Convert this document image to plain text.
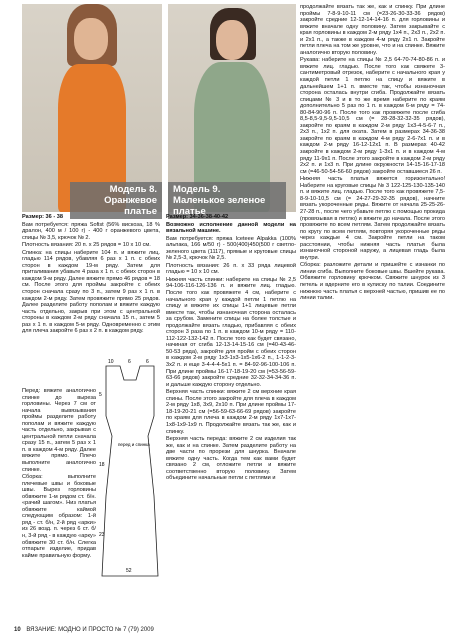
Модель 8.
Оранжевое платье
Модель 9.
Маленькое зеленое платье

Размер: 36 - 38

Вам потребуется: пряжа Sofist (56% вискоза, 18 % дралон, 400 м / 100 г) - 400 г оранжевого цвета, спицы № 3,5, крючок № 2.

Плотность вязания: 20 п. х 25 рядов = 10 х 10 см.

Спинка: на спицы наберите 104 п. и вяжите лиц. гладью 114 рядов, убавляя 6 раз х 1 п. с обеих сторон в каждом 19-м ряду. Затем для приталивания убавьте 4 раза х 1 п. с обеих сторон в каждом 9-м ряду. Далее вяжите прямо 46 рядов = 18 см. После этого для проймы закройте с обеих сторон сначала сразу по 3 п., затем 9 раз х 1 п. в каждом 2-м ряду. Затем провяжите прямо 25 рядов. Далее разделите работу пополам и вяжите каждую часть отдельно, закрыв при этом с центральной стороны в каждом 2-м ряду сначала 15 п., затем 5 раз х 1 п. в каждом 5-м ряду. Одновременно с этим для плеча закройте 6 раз х 2 п. в каждом ряду.

Перед: вяжите аналогично спинке до выреза горловины. Через 7 см от начала вывязывания проймы разделите работу пополам и вяжите каждую часть отдельно, закрывая с центральной петли сначала сразу 15 п., затем 5 раз х 1 п. в каждом 4-м ряду. Далее вяжите прямо. Плечо выполните аналогично спинке.

Сборка: выполните плечевые швы и боковые швы. Вырез горловины обвяжите 1-м рядом ст. б/н. «рачий шагом». Низ платья обвяжите каймой следующим образом: 1-й ряд - ст. б/н, 2-й ряд «арки» из 26 возд. п. через 6 ст. б/н, 3-й ряд - в каждую «арку» обвяжите 30 ст. б/н. Слегка отпарьте изделие, придав кайме правильную форму.

10	6	6
5
18
23
перед и спинка
52

Размер: 34-36-38-40-42

Возможно исполнение данной модели на вязальной машине.

Вам потребуется: пряжа Iceteee Alpakka (100% альпака, 166 м/50 г) - 500(400)450(500 г светло-зеленого цвета (1117), прямые и круговые спицы № 2,5-3, крючок № 2,5.

Плотность вязания: 26 п. х 33 ряда лицевой гладью = 10 х 10 см.

Нижняя часть спинки: наберите на спицы № 2,5 94-106-116-126-136 п. и вяжите лиц. гладью. После того как провяжете 4 см, наберите с начального края у каждой петли 1 петлю на спицу и вяжите их спицы 1+1 лицевые петли вместе так, чтобы изнаночная сторона осталась за срубом. Замените спицы на более толстые и продолжайте вязать гладью, прибавляя с обеих сторон 3 раза по 1 п. в каждом 10-м ряду = 110-112-122-132-142 п. После того как будет связано, начиная от сгиба 12-13-14-15-16 см (=40-43-46-50-53 ряда), закройте для пройм с обеих сторон в каждом 2-м ряду 1х3-1х3-1х5-1х6-2 п., 1-1-2-3-3х2 п. и еще 3-4-4-4-5х1 п. = 84-92-96-100-106 п. При длине проймы 16-17-18-19-20 см (=53-56-59-63-66 рядов) закройте средние 32-32-34-34-36 п. и дальше каждую сторону отдельно.

Верхняя часть спинки: вяжите 2 см верхние края спины. После этого закройте для плеча в каждом 2-м ряду 1х8, 3х9, 2х10 п. При длине проймы 17-18-19-20-21 см (=56-59-63-66-69 рядов) закройте по краям для плеча в каждом 2-м ряду 1х7-1х7-1х8-1х9-1х9 п. Продолжайте вязать так же, как и спинку.

Верхняя часть переда: вяжите 2 см изделия так же, как и на спинке. Затем разделите работу на две части по прорези для шнурка. Вначале вяжите одну часть. Когда тем как вами будет связано 2 см, отложите петли и вяжите соответственно вторую половину. Затем объедините начальные петли с петлями и

продолжайте вязать так же, как и спинку. При длине проймы 7-8-9-10-11 см (=23-26-30-33-36 рядов) закройте средние 12-12-14-14-16 п. для горловины и вяжите вначале одну половину. Затем закрывайте с края горловины в каждом 2-м ряду 1х4 п., 2х3 п., 2х2 п. и 2х1 п., а также в каждом 4-м ряду 2х1 п. Закройте петли плеча на том же уровне, что и на спинке. Вяжите аналогично вторую половину.

Рукава: наберите на спицы № 2,5 64-70-74-80-86 п. и вяжите лиц. гладью. После того как свяжете 3-сантиметровый отрезок, наберите с начального края у каждой петли 1 петлю на спицу и вяжите в дальнейшем 1+1 п. вместе так, чтобы изнаночная сторона осталась внутри сгиба. Продолжайте вязать спицами № 3 и в то же время наберите по краям дополнительно 5 раз по 1 п. в каждом 6-м ряду = 74-80-84-90-96 п. После того как провяжете после сгиба 8,5-8,5-9,5-9,5-10,5 см (= 28-28-32-32-35 рядов), закройте по краям в каждом 2-м ряду 1х3-4-5-6-7 п., 2х3 п., 1х2 п. для оката. Затем в размерах 34-36-38 закройте по краям в каждом 4-м ряду 2-6-7х1 п. и в каждом 2-м ряду 16-12-12х1 п. В размерах 40-42 закройте в каждом 2-м ряду 1-3х1 п. и в каждом 4-м ряду 11-9х1 п. После этого закройте в каждом 2-м ряду 2х2 п. и 1х3 п. При длине окружности 14-15-16-17-18 см (=46-50-54-56-60 рядов) закройте оставшиеся 26 п.

Нижняя часть платья вяжется горизонтально! Наберите на круговые спицы № 3 122-125-130-135-140 п. и вяжите лиц. гладью. После того как провяжете 7,5-8-9-10-10,5 см (= 24-27-29-32-35 рядов), начните вязать укороченные ряды. Вяжите от начала 25-25-26-27-28 п., после чего убавьте петлю с помощью прокида (провязывая в петлю) и вяжите до начала. После этого провяжите по всем петлям. Затем продолжайте вязать по кругу по всем петлям, повторяя укороченные ряды через каждые 4 см. Закройте петли на таком расстоянии, чтобы нижняя часть платья была изнаночной стороной наружу, а лицевая гладь была внутри.

Сборка: разложите детали и пришейте с изнанки по линии сгиба. Выполните боковые швы. Вшейте рукава. Обвяжите горловину крючком. Свяжите шнурок из 3 петель и вдерните его в кулиску по талии. Соедините нижнюю часть платья с верхней частью, пришив ее по линии талии.

10 ВЯЗАНИЕ: МОДНО И ПРОСТО № 7 (79) 2009
